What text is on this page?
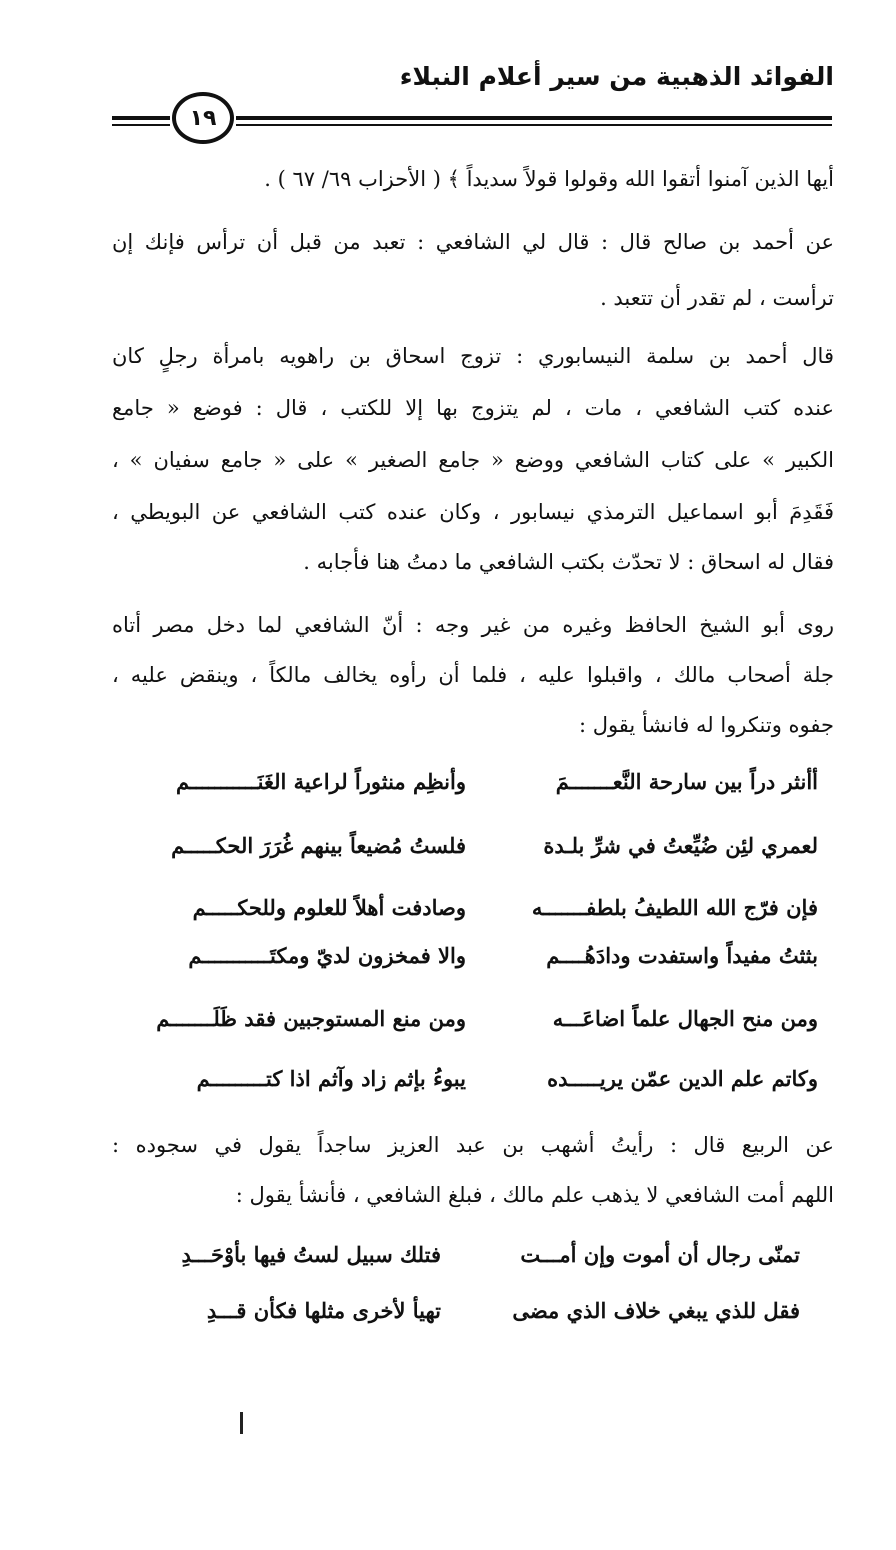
الفوائد الذهبية من سير أعلام النبلاء
١٩
أيها الذين آمنوا أتقوا الله وقولوا قولاً سديداً ﴾ ( الأحزاب ٦٩/ ٦٧ ) .
عن أحمد بن صالح قال : قال لي الشافعي : تعبد من قبل أن ترأس فإنك إن
ترأست ، لم تقدر أن تتعبد .
قال أحمد بن سلمة النيسابوري : تزوج اسحاق بن راهويه بامرأة رجلٍ كان
عنده كتب الشافعي ، مات ، لم يتزوج بها إلا للكتب ، قال : فوضع « جامع
الكبير » على كتاب الشافعي ووضع « جامع الصغير » على « جامع سفيان » ،
فَقَدِمَ أبو اسماعيل الترمذي نيسابور ، وكان عنده كتب الشافعي عن البويطي ،
فقال له اسحاق : لا تحدّث بكتب الشافعي ما دمتُ هنا فأجابه .
روى أبو الشيخ الحافظ وغيره من غير وجه : أنّ الشافعي لما دخل مصر أتاه
جلة أصحاب مالك ، واقبلوا عليه ، فلما أن رأوه يخالف مالكاً ، وينقض عليه ،
جفوه وتنكروا له فانشأ يقول :
أأنثر دراً بين سارحة النَّعـــــــمَ
وأنظِم منثوراً لراعية الغَنَـــــــــــم
لعمري لئِن ضُيِّعتُ في شرِّ بلـدة
فلستُ مُضيعاً بينهم غُرَرَ الحكـــــم
فإن فرّج الله اللطيفُ بلطفـــــــه
وصادفت أهلاً للعلوم وللحكـــــم
بثثتُ مفيداً واستفدت ودادَهُــــم
والا فمخزون لديّ ومكتَـــــــــــم
ومن منح الجهال علماً اضاعَـــه
ومن منع المستوجبين فقد ظَلَـــــــم
وكاتم علم الدين عمّن يريـــــده
يبوءُ بإثم زاد وآثم اذا كتـــــــــم
عن الربيع قال : رأيتُ أشهب بن عبد العزيز ساجداً يقول في سجوده :
اللهم أمت الشافعي لا يذهب علم مالك ، فبلغ الشافعي ، فأنشأ يقول :
تمنّى رجال أن أموت وإن أمـــت
فتلك سبيل لستُ فيها بأوْحَـــدِ
فقل للذي يبغي خلاف الذي مضى
تهيأ لأخرى مثلها فكأن قـــدِ
